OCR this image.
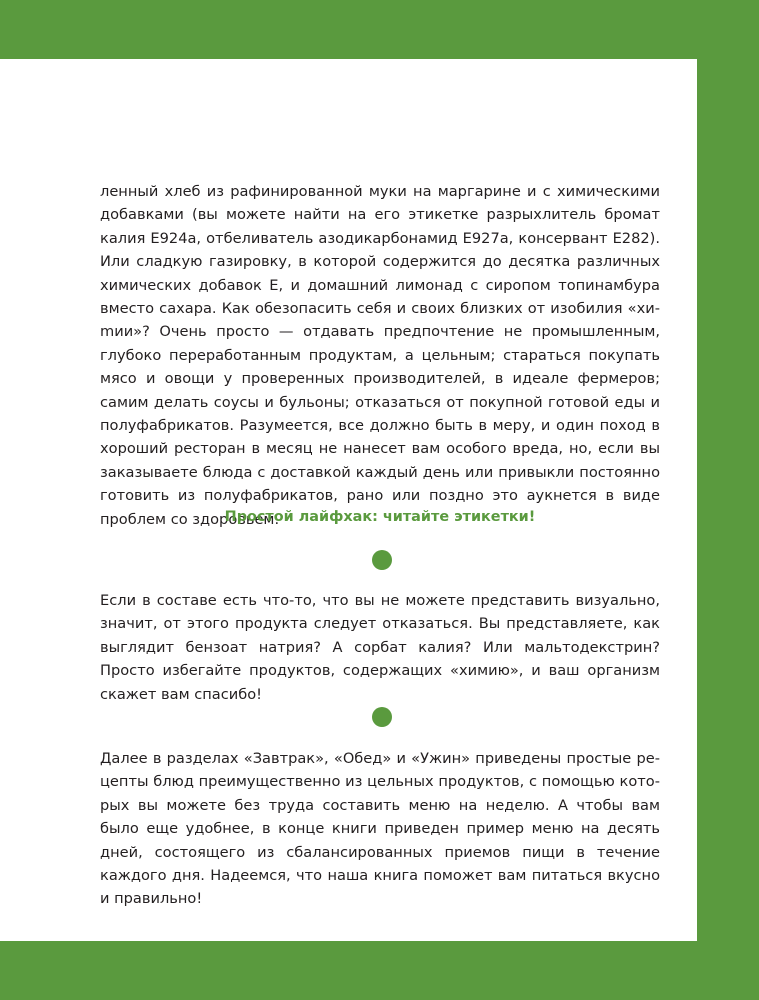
ленный хлеб из рафинированной муки на маргарине и с химическими добавками (вы можете найти на его этикетке разрыхлитель бромат калия E924a, отбеливатель азодикарбонамид E927a, консервант E282). Или сладкую газировку, в которой содержится до десятка различных химических добавок Е, и домашний лимонад с сиропом топинамбура вместо сахара. Как обезопасить себя и своих близких от изобилия «хиmии»? Очень просто — отдавать предпочтение не промышленным, глубоко переработанным продуктам, а цельным; стараться покупать мясо и овощи у проверенных производителей, в идеале фермеров; самим делать соусы и бульоны; отказаться от покупной готовой еды и полуфабрикатов. Разумеется, все должно быть в меру, и один поход в хороший ресторан в месяц не нанесет вам особого вреда, но, если вы заказываете блюда с доставкой каждый день или привыкли постоянно готовить из полуфабрикатов, рано или поздно это аукнется в виде проблем со здоровьем.

Простой лайфхак: читайте этикетки!

Если в составе есть что-то, что вы не можете представить визуально, значит, от этого продукта следует отказаться. Вы представляете, как выглядит бензоат натрия? А сорбат калия? Или мальтодекстрин? Просто избегайте продуктов, содержащих «химию», и ваш организм скажет вам спасибо!

Далее в разделах «Завтрак», «Обед» и «Ужин» приведены простые рецепты блюд преимущественно из цельных продуктов, с помощью которых вы можете без труда составить меню на неделю. А чтобы вам было еще удобнее, в конце книги приведен пример меню на десять дней, состоящего из сбалансированных приемов пищи в течение каждого дня. Надеемся, что наша книга поможет вам питаться вкусно и правильно!
